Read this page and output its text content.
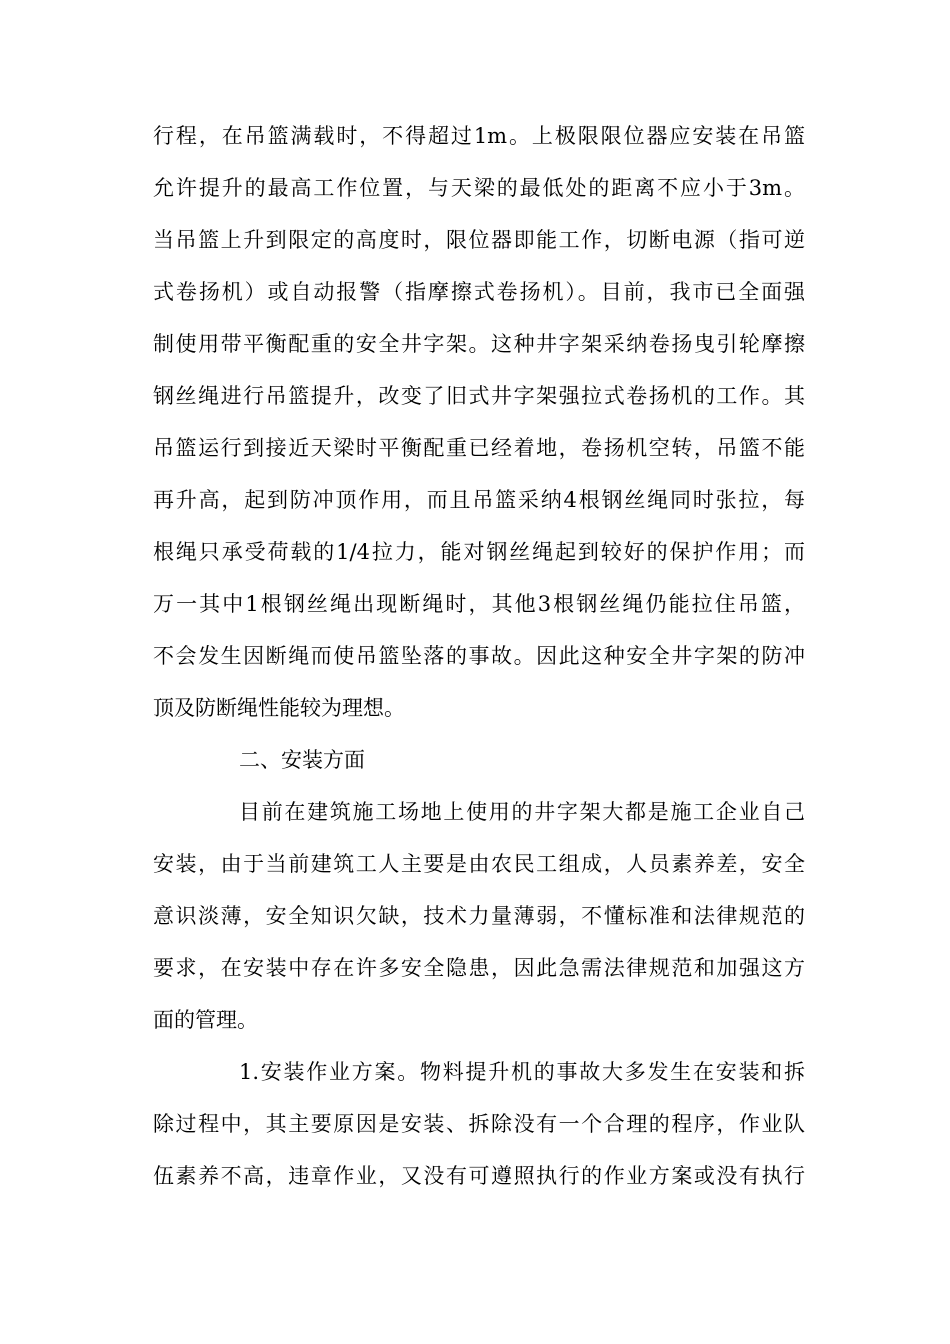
行程，在吊篮满载时，不得超过1m。上极限限位器应安装在吊篮
允许提升的最高工作位置，与天梁的最低处的距离不应小于3m。
当吊篮上升到限定的高度时，限位器即能工作，切断电源（指可逆
式卷扬机）或自动报警（指摩擦式卷扬机）。目前，我市已全面强
制使用带平衡配重的安全井字架。这种井字架采纳卷扬曳引轮摩擦
钢丝绳进行吊篮提升，改变了旧式井字架强拉式卷扬机的工作。其
吊篮运行到接近天梁时平衡配重已经着地，卷扬机空转，吊篮不能
再升高，起到防冲顶作用，而且吊篮采纳4根钢丝绳同时张拉，每
根绳只承受荷载的1/4拉力，能对钢丝绳起到较好的保护作用；而
万一其中1根钢丝绳出现断绳时，其他3根钢丝绳仍能拉住吊篮，
不会发生因断绳而使吊篮坠落的事故。因此这种安全井字架的防冲
顶及防断绳性能较为理想。
二、安装方面
目前在建筑施工场地上使用的井字架大都是施工企业自己
安装，由于当前建筑工人主要是由农民工组成，人员素养差，安全
意识淡薄，安全知识欠缺，技术力量薄弱，不懂标准和法律规范的
要求，在安装中存在许多安全隐患，因此急需法律规范和加强这方
面的管理。
1.安装作业方案。物料提升机的事故大多发生在安装和拆
除过程中，其主要原因是安装、拆除没有一个合理的程序，作业队
伍素养不高，违章作业，又没有可遵照执行的作业方案或没有执行
